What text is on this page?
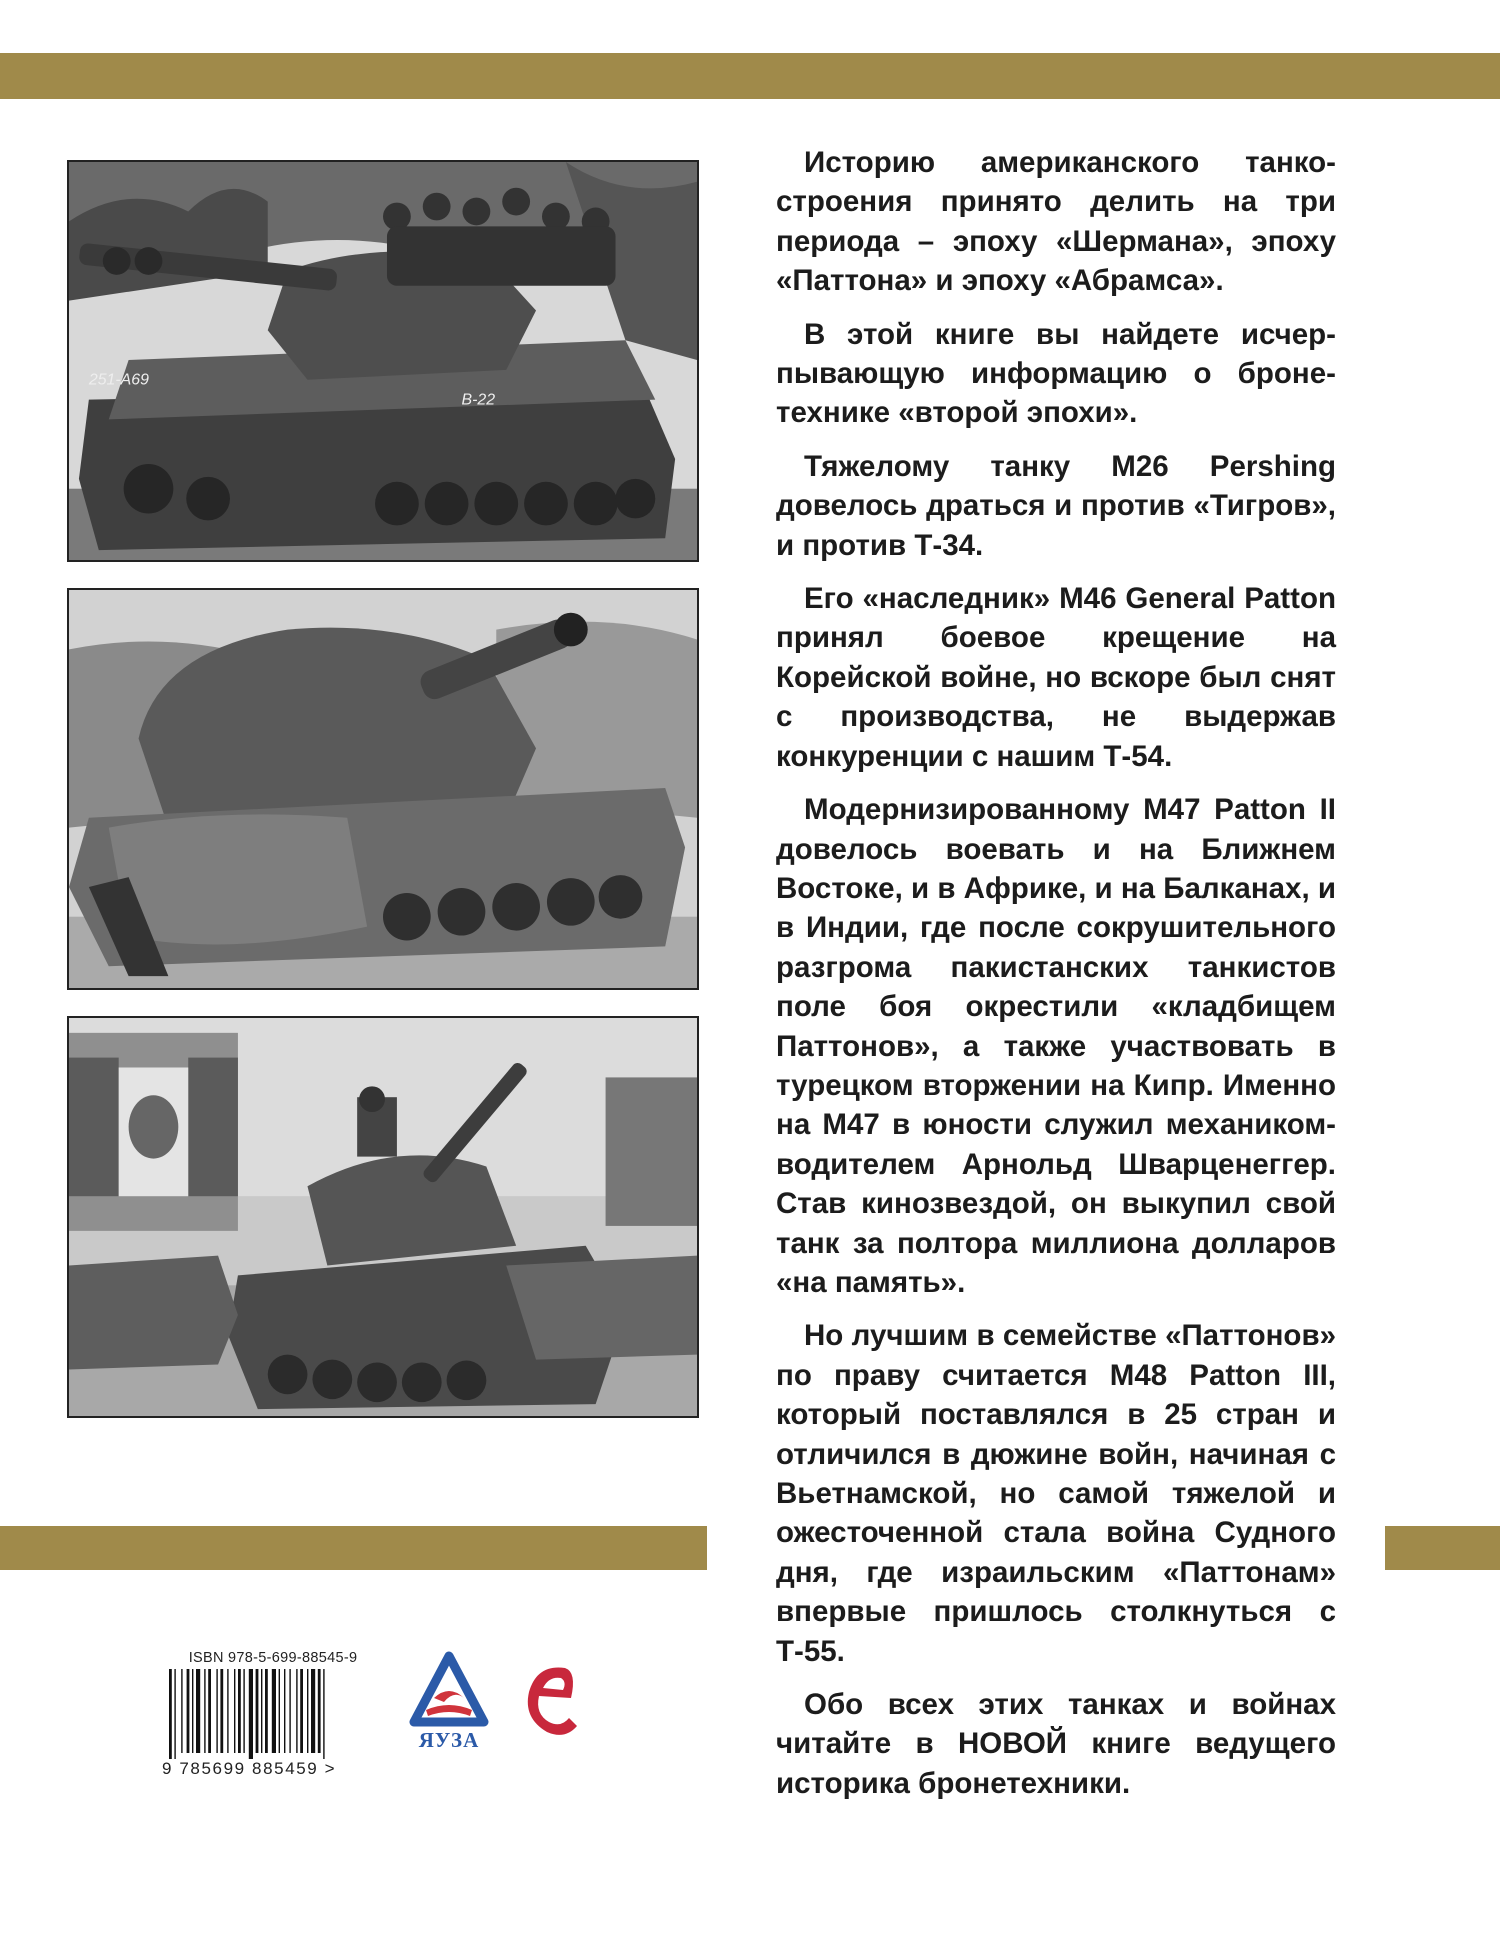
251-A69
B-22

Историю американского танкостроения принято делить на три периода – эпоху «Шермана», эпоху «Паттона» и эпоху «Абрамса».

В этой книге вы найдете исчерпывающую информацию о бронетехнике «второй эпохи».

Тяжелому танку М26 Pershing довелось драться и против «Тигров», и против Т-34.

Его «наследник» М46 General Patton принял боевое крещение на Корейской войне, но вскоре был снят с производства, не выдержав конкуренции с нашим Т-54.

Модернизированному М47 Patton II довелось воевать и на Ближнем Востоке, и в Африке, и на Балканах, и в Индии, где после сокрушительного разгрома пакистанских танкистов поле боя окрестили «кладбищем Паттонов», а также участвовать в турецком вторжении на Кипр. Именно на М47 в юности служил механиком-водителем Арнольд Шварценеггер. Став кинозвездой, он выкупил свой танк за полтора миллиона долларов «на память».

Но лучшим в семействе «Паттонов» по праву считается М48 Patton III, который поставлялся в 25 стран и отличился в дюжине войн, начиная с Вьетнамской, но самой тяжелой и ожесточенной стала война Судного дня, где израильским «Паттонам» впервые пришлось столкнуться с Т-55.

Обо всех этих танках и войнах читайте в НОВОЙ книге ведущего историка бронетехники.

ISBN 978-5-699-88545-9
9 785699 885459 >
ЯУЗА
